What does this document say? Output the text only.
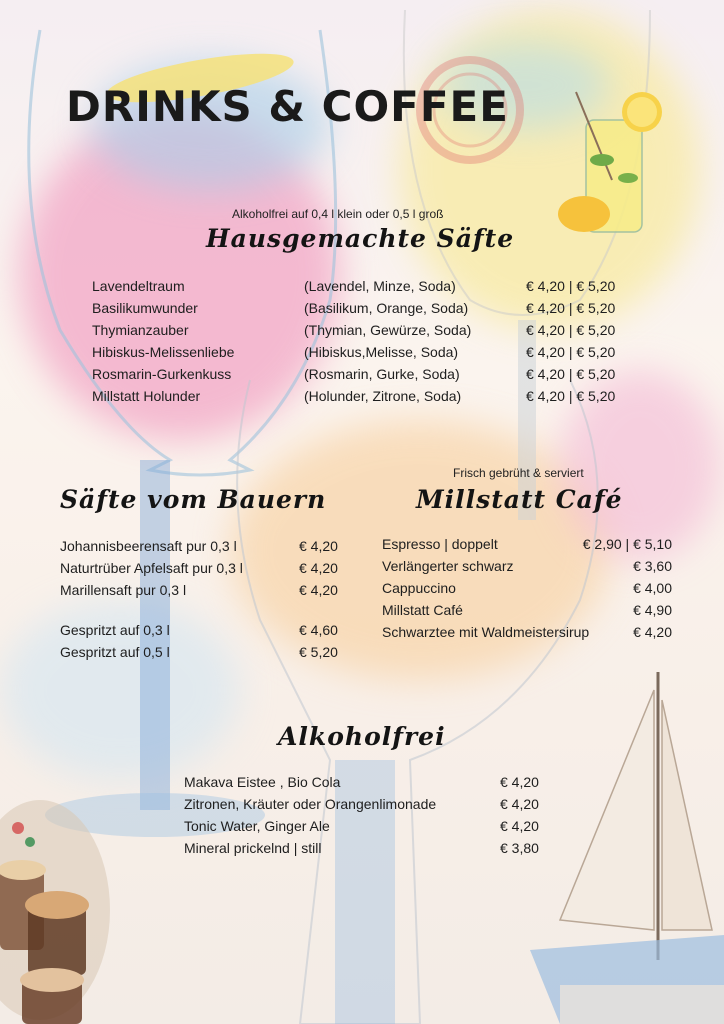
DRINKS & COFFEE
Alkoholfrei auf 0,4 l klein oder 0,5 l groß
Hausgemachte Säfte
Lavendeltraum	(Lavendel, Minze, Soda)	€ 4,20 | € 5,20
Basilikumwunder	(Basilikum, Orange, Soda)	€ 4,20 | € 5,20
Thymianzauber	(Thymian, Gewürze, Soda)	€ 4,20 | € 5,20
Hibiskus-Melissenliebe	(Hibiskus,Melisse, Soda)	€ 4,20 | € 5,20
Rosmarin-Gurkenkuss	(Rosmarin, Gurke, Soda)	€ 4,20 | € 5,20
Millstatt Holunder	(Holunder, Zitrone, Soda)	€ 4,20 | € 5,20
Säfte vom Bauern
Johannisbeerensaft pur 0,3 l	€ 4,20
Naturtrüber Apfelsaft pur 0,3 l	€ 4,20
Marillensaft pur 0,3 l	€ 4,20
Gespritzt auf 0,3 l	€ 4,60
Gespritzt auf 0,5 l	€ 5,20
Frisch gebrüht & serviert
Millstatt Café
Espresso | doppelt	€ 2,90 | € 5,10
Verlängerter schwarz	€ 3,60
Cappuccino	€ 4,00
Millstatt Café	€ 4,90
Schwarztee mit Waldmeistersirup	€ 4,20
Alkoholfrei
Makava Eistee , Bio Cola	€ 4,20
Zitronen, Kräuter oder Orangenlimonade	€ 4,20
Tonic Water, Ginger Ale	€ 4,20
Mineral prickelnd | still	€ 3,80
